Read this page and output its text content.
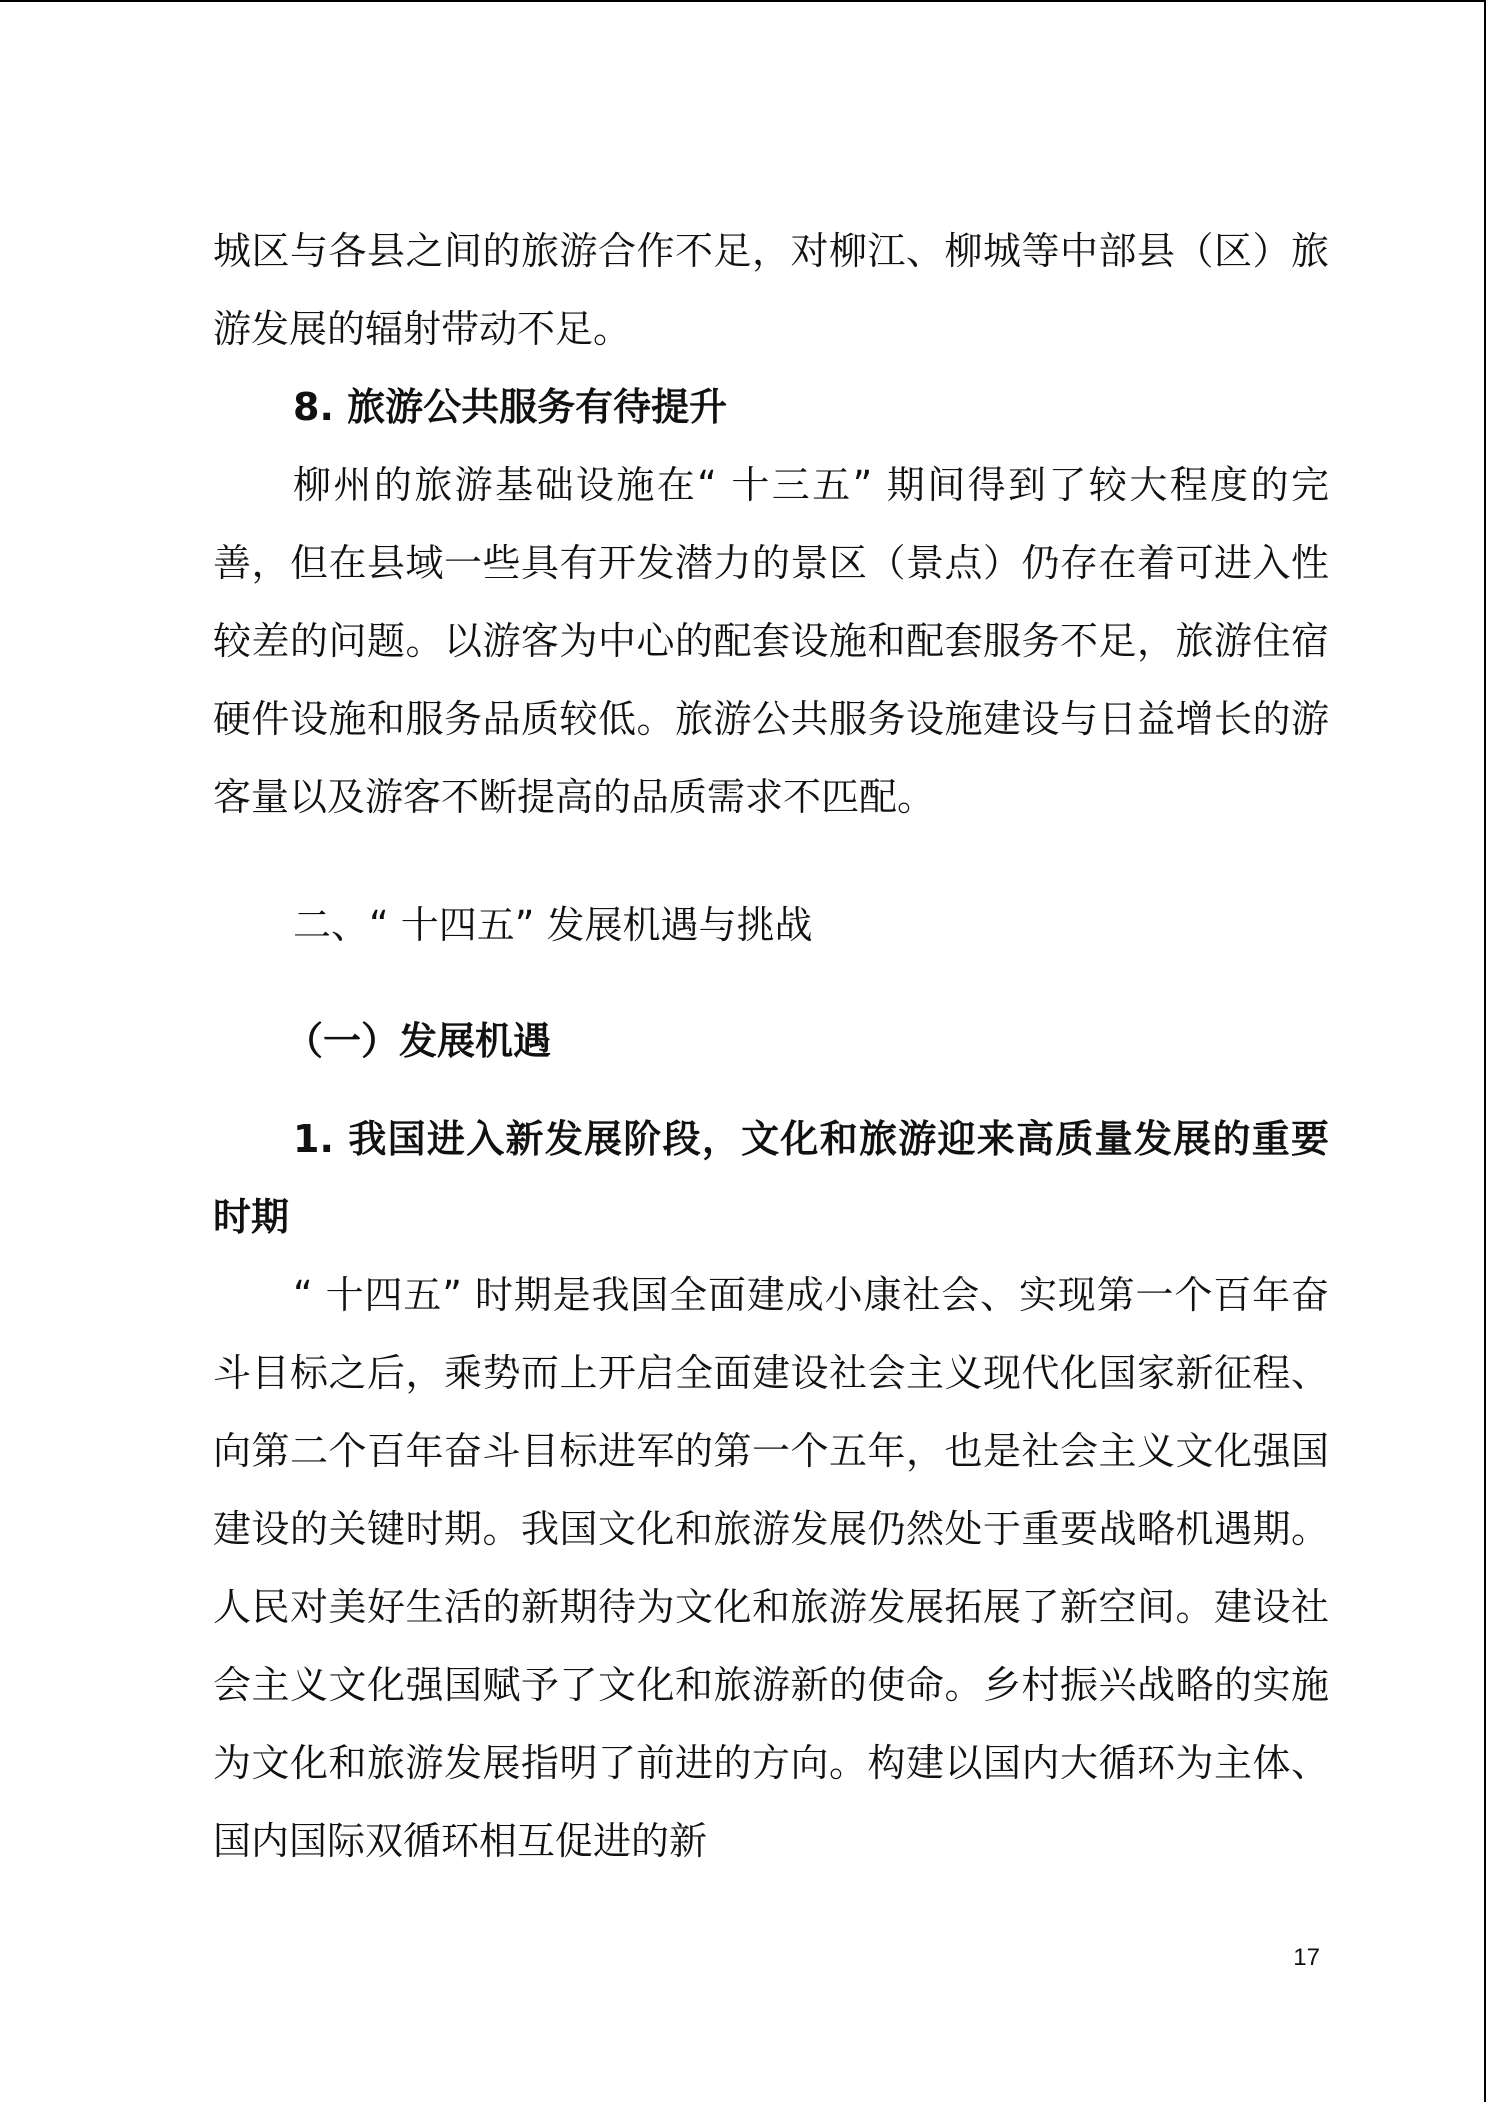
城区与各县之间的旅游合作不足，对柳江、柳城等中部县（区）旅游发展的辐射带动不足。

8. 旅游公共服务有待提升

柳州的旅游基础设施在“ 十三五” 期间得到了较大程度的完善，但在县域一些具有开发潜力的景区（景点）仍存在着可进入性较差的问题。以游客为中心的配套设施和配套服务不足，旅游住宿硬件设施和服务品质较低。旅游公共服务设施建设与日益增长的游客量以及游客不断提高的品质需求不匹配。

二、“ 十四五” 发展机遇与挑战

（一）发展机遇

1. 我国进入新发展阶段，文化和旅游迎来高质量发展的重要时期

“ 十四五” 时期是我国全面建成小康社会、实现第一个百年奋斗目标之后，乘势而上开启全面建设社会主义现代化国家新征程、向第二个百年奋斗目标进军的第一个五年，也是社会主义文化强国建设的关键时期。我国文化和旅游发展仍然处于重要战略机遇期。人民对美好生活的新期待为文化和旅游发展拓展了新空间。建设社会主义文化强国赋予了文化和旅游新的使命。乡村振兴战略的实施为文化和旅游发展指明了前进的方向。构建以国内大循环为主体、国内国际双循环相互促进的新

17
